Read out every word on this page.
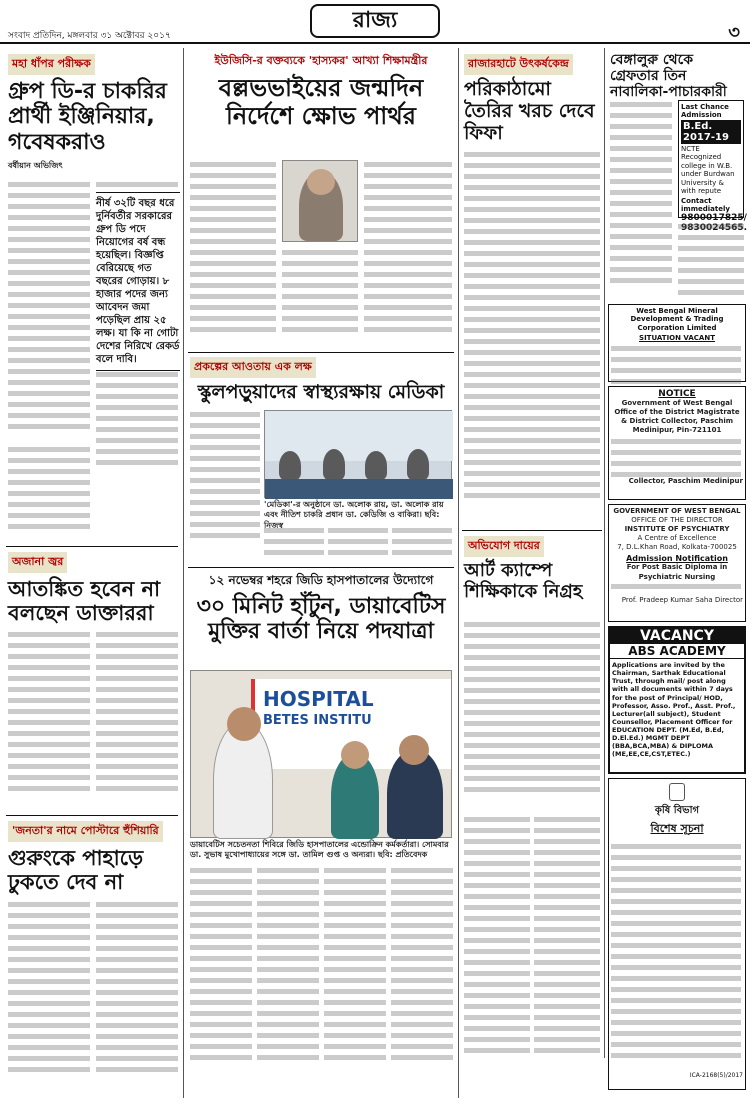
সংবাদ প্রতিদিন, মঙ্গলবার ৩১ অক্টোবর ২০১৭
রাজ্য	৩
মহা ধাঁপর পরীক্ষক
গ্রুপ ডি-র চাকরির প্রার্থী ইঞ্জিনিয়ার, গবেষকরাও
বর্ষীয়ান অভিজিৎ
নীর্ষ ৩২টি বছর ধরে দুর্নিবর্তীর সরকারের গ্রুপ ডি পদে নিয়োগের বর্ষ বন্ধ হয়েছিল। বিজ্ঞপ্তি বেরিয়েছে গত বছরের গোড়ায়। ৮ হাজার পদের জন্য আবেদন জমা পড়েছিল প্রায় ২৫ লক্ষ। যা কি না গোটা দেশের নিরিখে রেকর্ড বলে দাবি।
অজানা জ্বর
আতঙ্কিত হবেন না বলছেন ডাক্তাররা
'জনতা'র নামে পোস্টারে হুঁশিয়ারি
গুরুংকে পাহাড়ে ঢুকতে দেব না
ইউজিসি-র বক্তব্যকে 'হাস্যকর' আখ্যা শিক্ষামন্ত্রীর
বল্লভভাইয়ের জন্মদিন নির্দেশে ক্ষোভ পার্থর
প্রকল্পের আওতায় এক লক্ষ
স্কুলপড়ুয়াদের স্বাস্থ্যরক্ষায় মেডিকা
'মেডিকা'-র অনুষ্ঠানে ডা. অলোক রায়, ডা. অলোক রায় এবং নীতিশ চাকরি প্রধান ডা. কেডিজি ও বাকিরা। ছবি: নিজস্ব
১২ নভেম্বর শহরে জিডি হাসপাতালের উদ্যোগে
৩০ মিনিট হাঁটুন, ডায়াবেটিস মুক্তির বার্তা নিয়ে পদযাত্রা
HOSPITAL
BETES INSTITU
ডায়াবেটিস সচেতনতা শিবিরে জিডি হাসপাতালের এন্ডোক্রিন কর্মকর্তারা। সোমবার ডা. সুভাষ মুখোপাধ্যায়ের সঙ্গে ডা. তামিল গুপ্ত ও অন্যরা। ছবি: প্রতিবেদক
রাজারহাটে উৎকর্ষকেন্দ্র
পরিকাঠামো তৈরির খরচ দেবে ফিফা
অভিযোগ দায়ের
আর্ট ক্যাম্পে শিক্ষিকাকে নিগ্রহ
বেঙ্গালুরু থেকে গ্রেফতার তিন নাবালিকা-পাচারকারী
Last Chance Admission
B.Ed. 2017-19
NCTE Recognized college in W.B. under Burdwan University & with repute
Contact immediately
9800017825/ 9830024565.
West Bengal Mineral Development & Trading Corporation Limited
SITUATION VACANT
NOTICE
Government of West Bengal
Office of the District Magistrate & District Collector, Paschim Medinipur, Pin-721101
Collector, Paschim Medinipur
GOVERNMENT OF WEST BENGAL
OFFICE OF THE DIRECTOR
INSTITUTE OF PSYCHIATRY
A Centre of Excellence
7, D.L.Khan Road, Kolkata-700025
Admission Notification
For Post Basic Diploma in Psychiatric Nursing
Prof. Pradeep Kumar Saha Director
VACANCY
ABS ACADEMY
Applications are invited by the Chairman, Sarthak Educational Trust, through mail/ post along with all documents within 7 days for the post of Principal/ HOD, Professor, Asso. Prof., Asst. Prof., Lecturer(all subject), Student Counsellor, Placement Officer for EDUCATION DEPT. (M.Ed, B.Ed, D.El.Ed.) MGMT DEPT (BBA,BCA,MBA) & DIPLOMA (ME,EE,CE,CST,ETEC.)
কৃষি বিভাগ
বিশেষ সূচনা
ICA-2168(5)/2017
